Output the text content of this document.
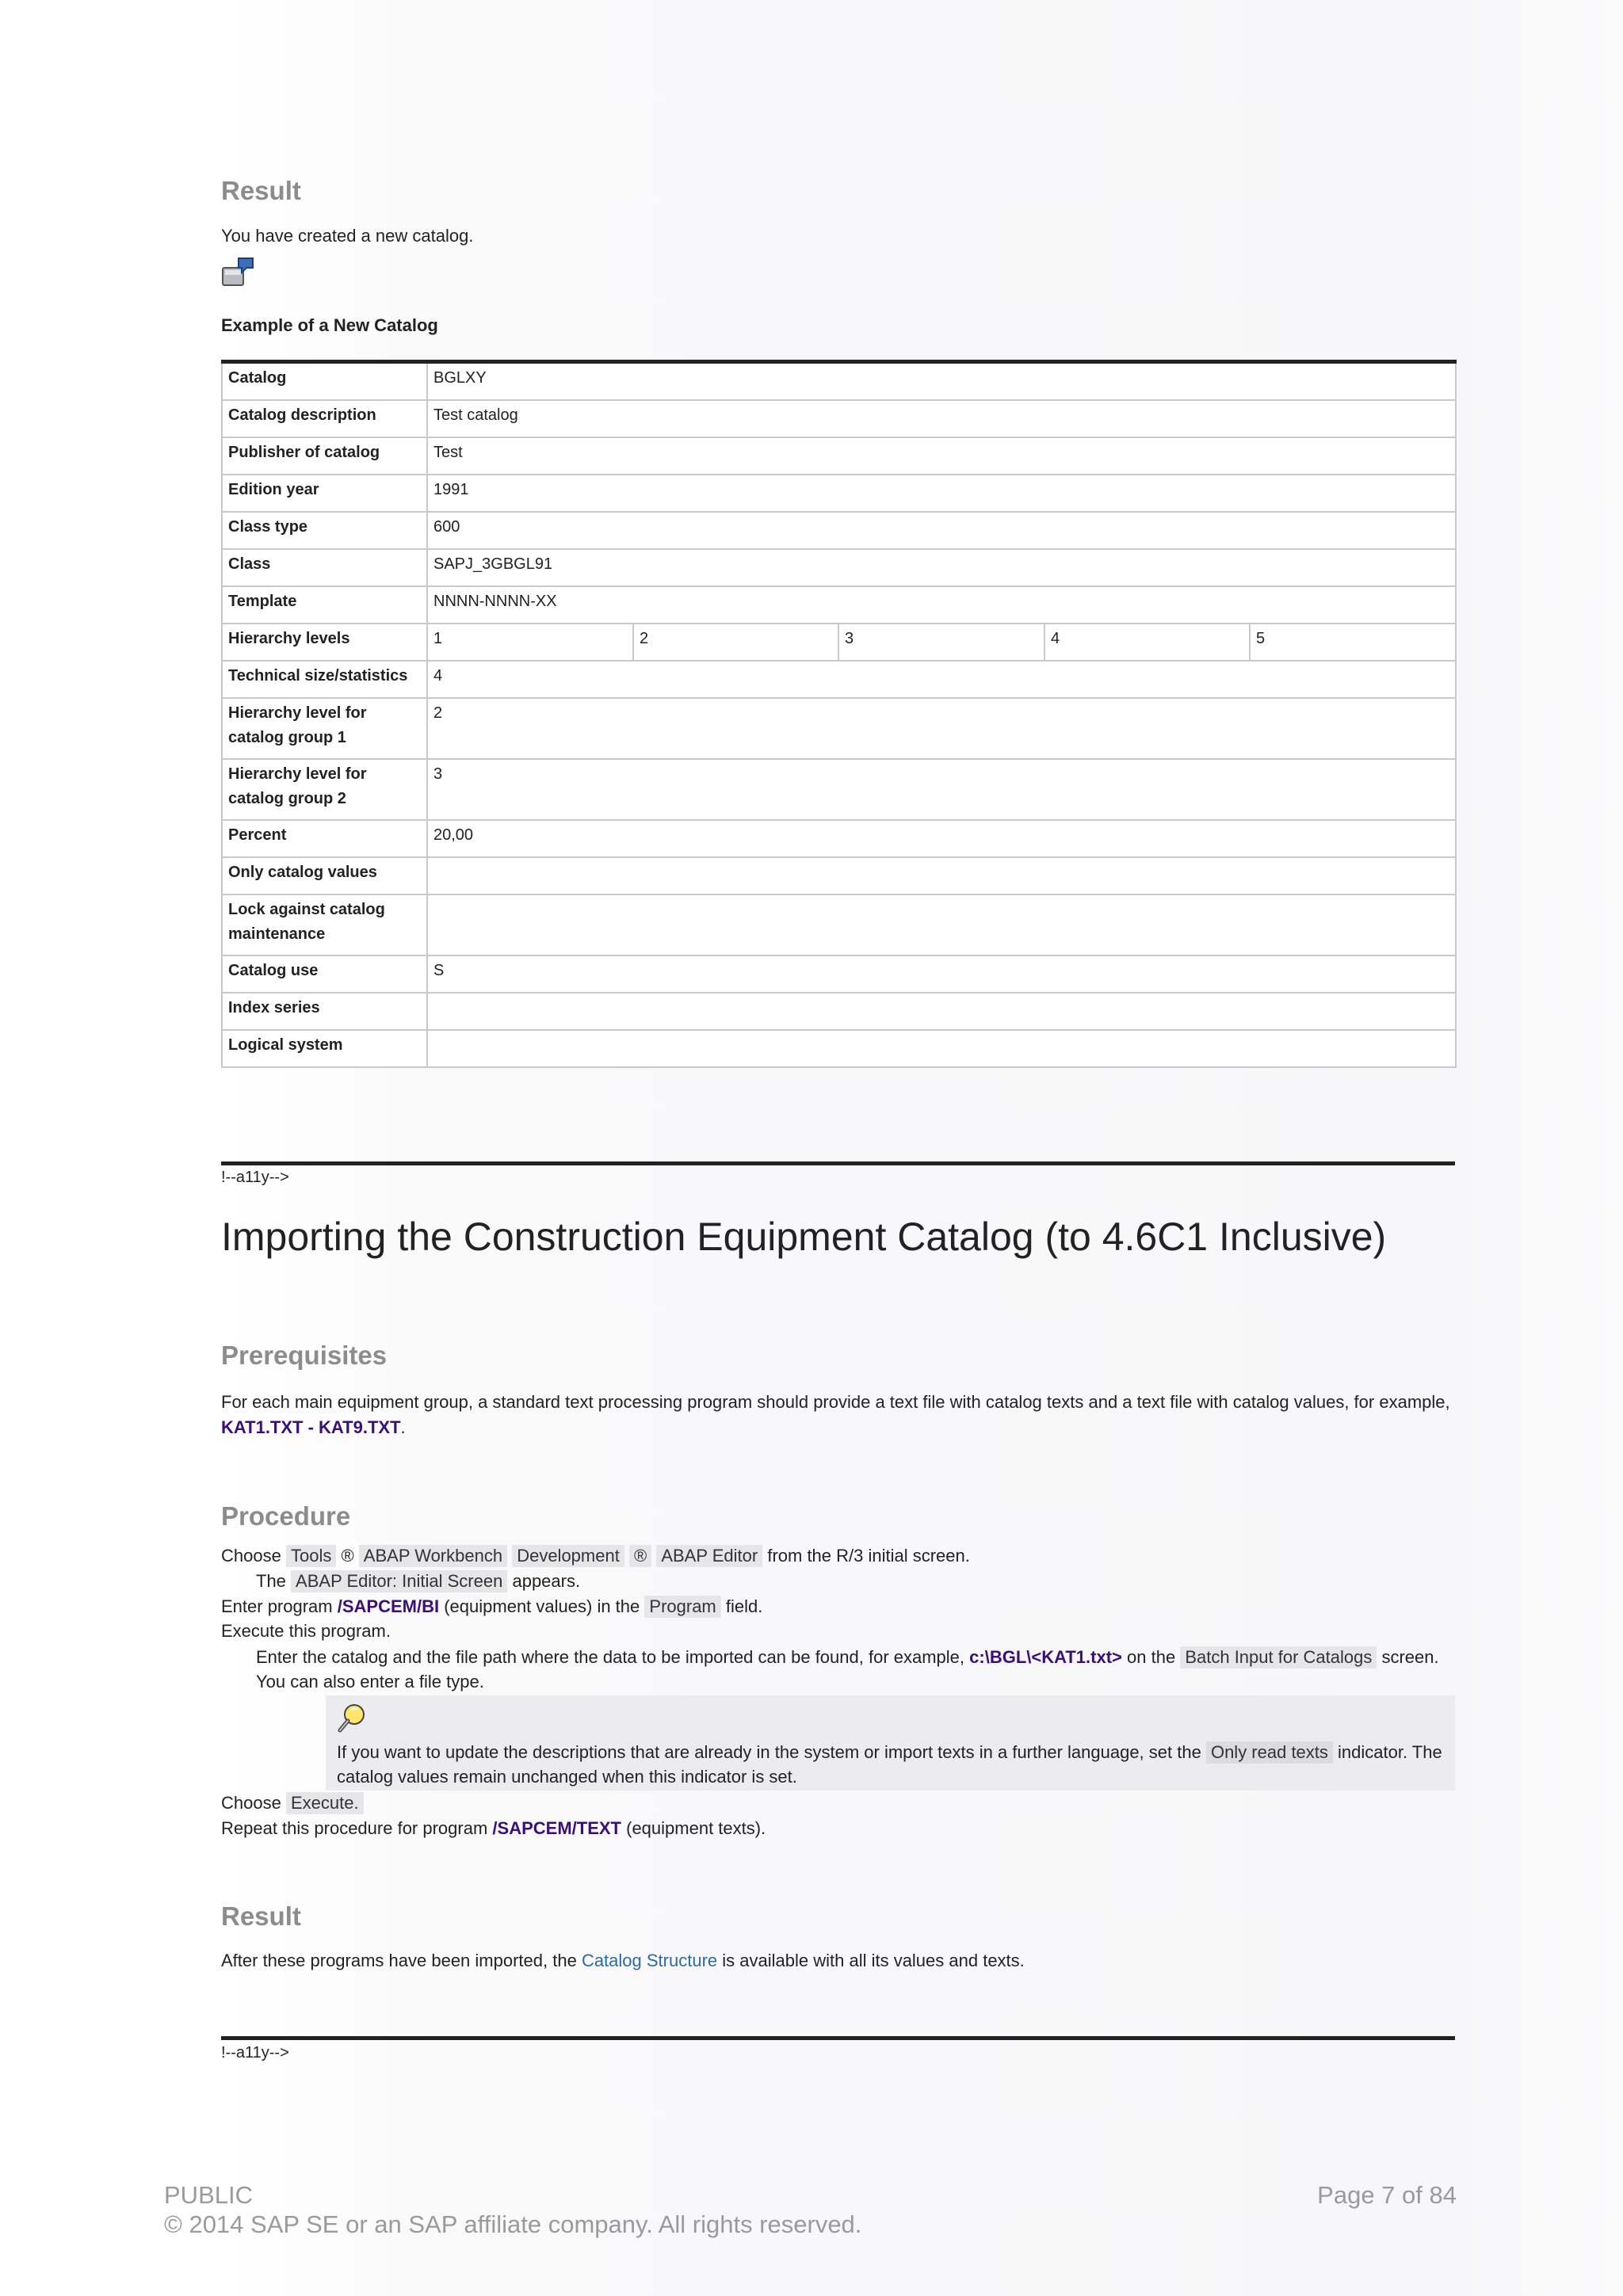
Result
You have created a new catalog.
Example of a New Catalog
Catalog	BGLXY				
Catalog description	Test catalog				
Publisher of catalog	Test				
Edition year	1991				
Class type	600				
Class	SAPJ_3GBGL91				
Template	NNNN-NNNN-XX				
Hierarchy levels	1	2	3	4	5
Technical size/statistics	4				
Hierarchy level for catalog group 1	2				
Hierarchy level for catalog group 2	3				
Percent	20,00				
Only catalog values					
Lock against catalog maintenance					
Catalog use	S				
Index series					
Logical system					
!--a11y-->
Importing the Construction Equipment Catalog (to 4.6C1 Inclusive)
Prerequisites
For each main equipment group, a standard text processing program should provide a text file with catalog texts and a text file with catalog values, for example,
KAT1.TXT - KAT9.TXT.
Procedure
Choose Tools ® ABAP Workbench Development ® ABAP Editor from the R/3 initial screen.
The ABAP Editor: Initial Screen appears.
Enter program /SAPCEM/BI (equipment values) in the Program field.
Execute this program.
Enter the catalog and the file path where the data to be imported can be found, for example, c:\BGL\<KAT1.txt> on the Batch Input for Catalogs screen.
You can also enter a file type.
If you want to update the descriptions that are already in the system or import texts in a further language, set the Only read texts indicator. The
catalog values remain unchanged when this indicator is set.
Choose Execute.
Repeat this procedure for program /SAPCEM/TEXT (equipment texts).
Result
After these programs have been imported, the Catalog Structure is available with all its values and texts.
!--a11y-->
PUBLIC	Page 7 of 84
© 2014 SAP SE or an SAP affiliate company. All rights reserved.
